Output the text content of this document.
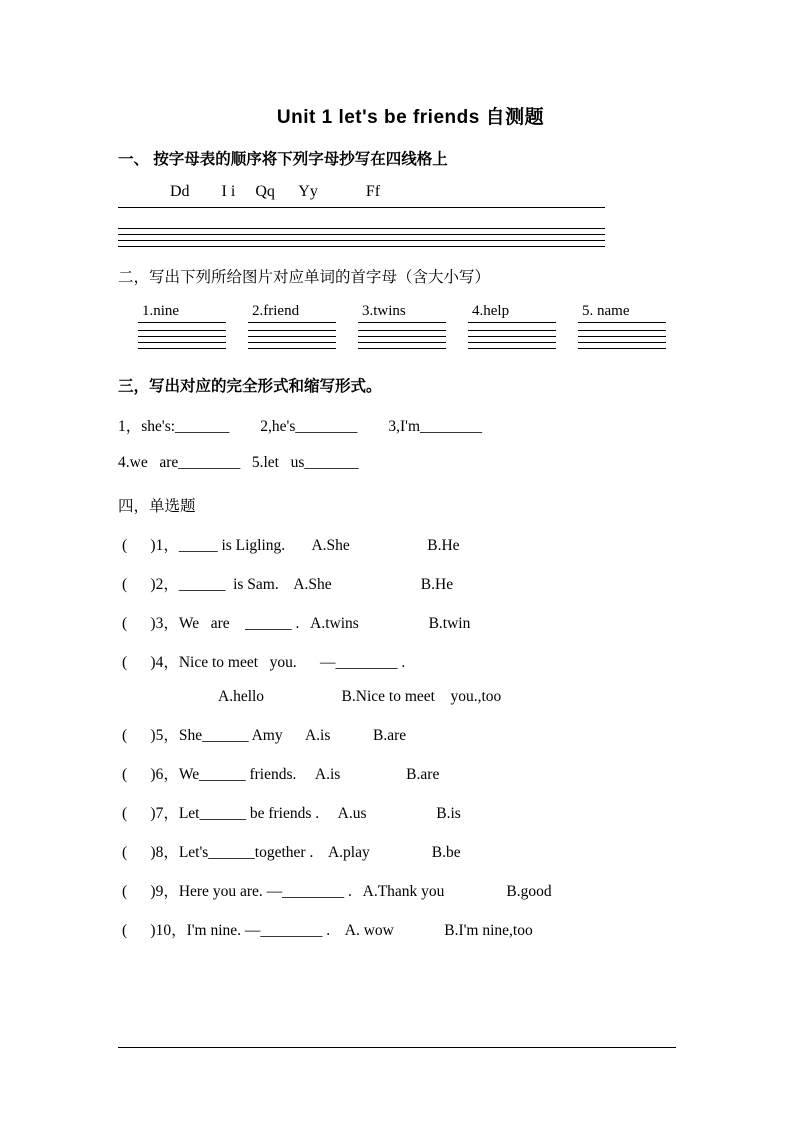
Unit 1 let's be friends 自测题
一、 按字母表的顺序将下列字母抄写在四线格上
Dd        I i     Qq      Yy            Ff
二，写出下列所给图片对应单词的首字母（含大小写）
1.nine	2.friend	3.twins	4.help	5. name
三，写出对应的完全形式和缩写形式。
1，she's:_______        2,he's________        3,I'm________
4.we   are________   5.let   us_______
四，单选题
(      )1，_____ is Ligling.       A.She                    B.He
(      )2，______  is Sam.    A.She                       B.He
(      )3，We   are    ______ .   A.twins                  B.twin
(      )4，Nice to meet   you.      —________ .
A.hello                    B.Nice to meet    you.,too
(      )5，She______ Amy      A.is           B.are
(      )6，We______ friends.     A.is                 B.are
(      )7，Let______ be friends .     A.us                  B.is
(      )8，Let's______together .    A.play                B.be
(      )9，Here you are. —________ .   A.Thank you                B.good
(      )10，I'm nine. —________ .    A. wow             B.I'm nine,too
